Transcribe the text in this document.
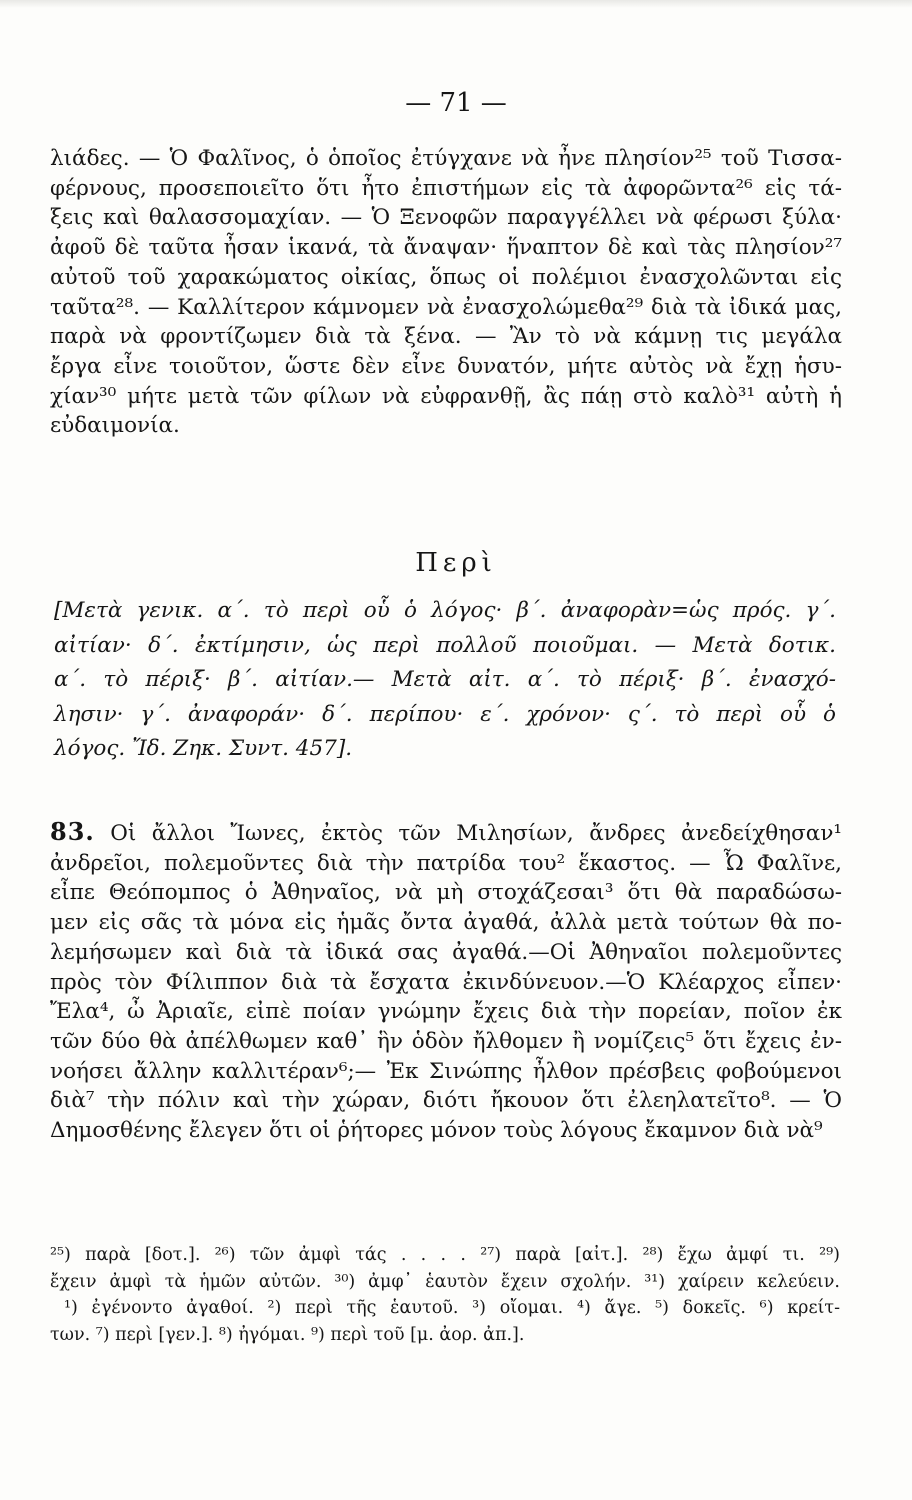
— 71 —
λιάδες. — Ὁ Φαλῖνος, ὁ ὁποῖος ἐτύγχανε νὰ ἦνε πλησίον²⁵ τοῦ Τισσα-
φέρνους, προσεποιεῖτο ὅτι ἦτο ἐπιστήμων εἰς τὰ ἀφορῶντα²⁶ εἰς τά-
ξεις καὶ θαλασσομαχίαν. — Ὁ Ξενοφῶν παραγγέλλει νὰ φέρωσι ξύλα·
ἀφοῦ δὲ ταῦτα ἦσαν ἱκανά, τὰ ἄναψαν· ἥναπτον δὲ καὶ τὰς πλησίον²⁷
αὐτοῦ τοῦ χαρακώματος οἰκίας, ὅπως οἱ πολέμιοι ἐνασχολῶνται εἰς
ταῦτα²⁸. — Καλλίτερον κάμνομεν νὰ ἐνασχολώμεθα²⁹ διὰ τὰ ἰδικά μας,
παρὰ νὰ φροντίζωμεν διὰ τὰ ξένα. — Ἂν τὸ νὰ κάμνῃ τις μεγάλα
ἔργα εἶνε τοιοῦτον, ὥστε δὲν εἶνε δυνατόν, μήτε αὐτὸς νὰ ἔχῃ ἡσυ-
χίαν³⁰ μήτε μετὰ τῶν φίλων νὰ εὐφρανθῇ, ἂς πάῃ στὸ καλὸ³¹ αὐτὴ ἡ
εὐδαιμονία.
Περὶ
[Μετὰ γενικ. α΄. τὸ περὶ οὗ ὁ λόγος· β΄. ἀναφορὰν=ὡς πρός. γ΄.
αἰτίαν· δ΄. ἐκτίμησιν, ὡς περὶ πολλοῦ ποιοῦμαι. — Μετὰ δοτικ.
α΄. τὸ πέριξ· β΄. αἰτίαν.— Μετὰ αἰτ. α΄. τὸ πέριξ· β΄. ἐνασχό-
λησιν· γ΄. ἀναφοράν· δ΄. περίπου· ε΄. χρόνον· ς΄. τὸ περὶ οὗ ὁ
λόγος. Ἴδ. Ζηκ. Συντ. 457].
83. Οἱ ἄλλοι Ἴωνες, ἐκτὸς τῶν Μιλησίων, ἄνδρες ἀνεδείχθησαν¹
ἀνδρεῖοι, πολεμοῦντες διὰ τὴν πατρίδα του² ἕκαστος. — Ὦ Φαλῖνε,
εἶπε Θεόπομπος ὁ Ἀθηναῖος, νὰ μὴ στοχάζεσαι³ ὅτι θὰ παραδώσω-
μεν εἰς σᾶς τὰ μόνα εἰς ἡμᾶς ὄντα ἀγαθά, ἀλλὰ μετὰ τούτων θὰ πο-
λεμήσωμεν καὶ διὰ τὰ ἰδικά σας ἀγαθά.—Οἱ Ἀθηναῖοι πολεμοῦντες
πρὸς τὸν Φίλιππον διὰ τὰ ἔσχατα ἐκινδύνευον.—Ὁ Κλέαρχος εἶπεν·
Ἔλα⁴, ὦ Ἀριαῖε, εἰπὲ ποίαν γνώμην ἔχεις διὰ τὴν πορείαν, ποῖον ἐκ
τῶν δύο θὰ ἀπέλθωμεν καθ᾽ ἣν ὁδὸν ἤλθομεν ἢ νομίζεις⁵ ὅτι ἔχεις ἐν-
νοήσει ἄλλην καλλιτέραν⁶;— Ἐκ Σινώπης ἦλθον πρέσβεις φοβούμενοι
διὰ⁷ τὴν πόλιν καὶ τὴν χώραν, διότι ἤκουον ὅτι ἐλεηλατεῖτο⁸. — Ὁ
Δημοσθένης ἔλεγεν ὅτι οἱ ῥήτορες μόνον τοὺς λόγους ἔκαμνον διὰ νὰ⁹
²⁵) παρὰ [δοτ.]. ²⁶) τῶν ἀμφὶ τάς . . . . ²⁷) παρὰ [αἰτ.]. ²⁸) ἔχω ἀμφί τι. ²⁹)
ἔχειν ἀμφὶ τὰ ἡμῶν αὐτῶν. ³⁰) ἀμφ᾽ ἑαυτὸν ἔχειν σχολήν. ³¹) χαίρειν κελεύειν.
¹) ἐγένοντο ἀγαθοί. ²) περὶ τῆς ἑαυτοῦ. ³) οἴομαι. ⁴) ἄγε. ⁵) δοκεῖς. ⁶) κρείτ-
των. ⁷) περὶ [γεν.]. ⁸) ἠγόμαι. ⁹) περὶ τοῦ [μ. ἀορ. ἀπ.].
